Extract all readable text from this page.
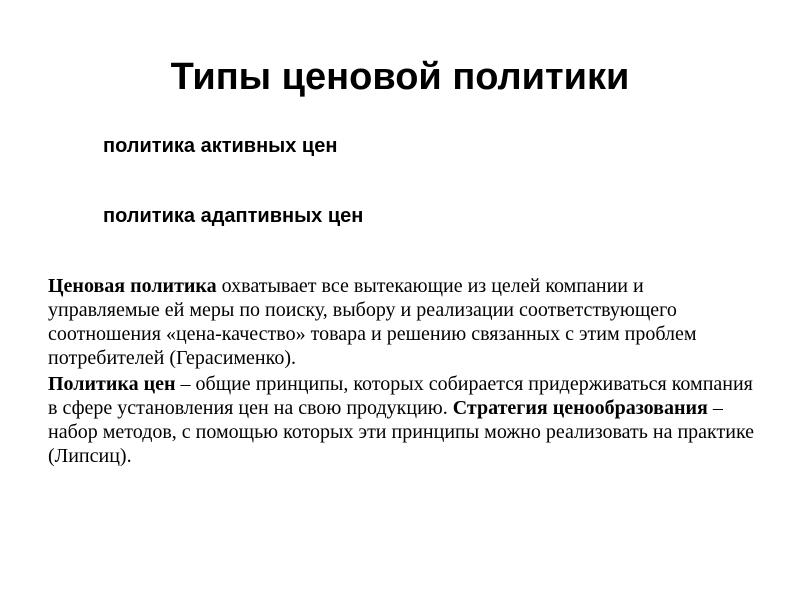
Типы ценовой политики
политика активных цен
политика адаптивных цен

Ценовая политика охватывает все вытекающие из целей компании и управляемые ей меры по поиску, выбору и реализации соответствующего соотношения «цена-качество» товара и решению связанных с этим проблем потребителей (Герасименко).

Политика цен – общие принципы, которых собирается придерживаться компания в сфере установления цен на свою продукцию. Стратегия ценообразования – набор методов, с помощью которых эти принципы можно реализовать на практике (Липсиц).
